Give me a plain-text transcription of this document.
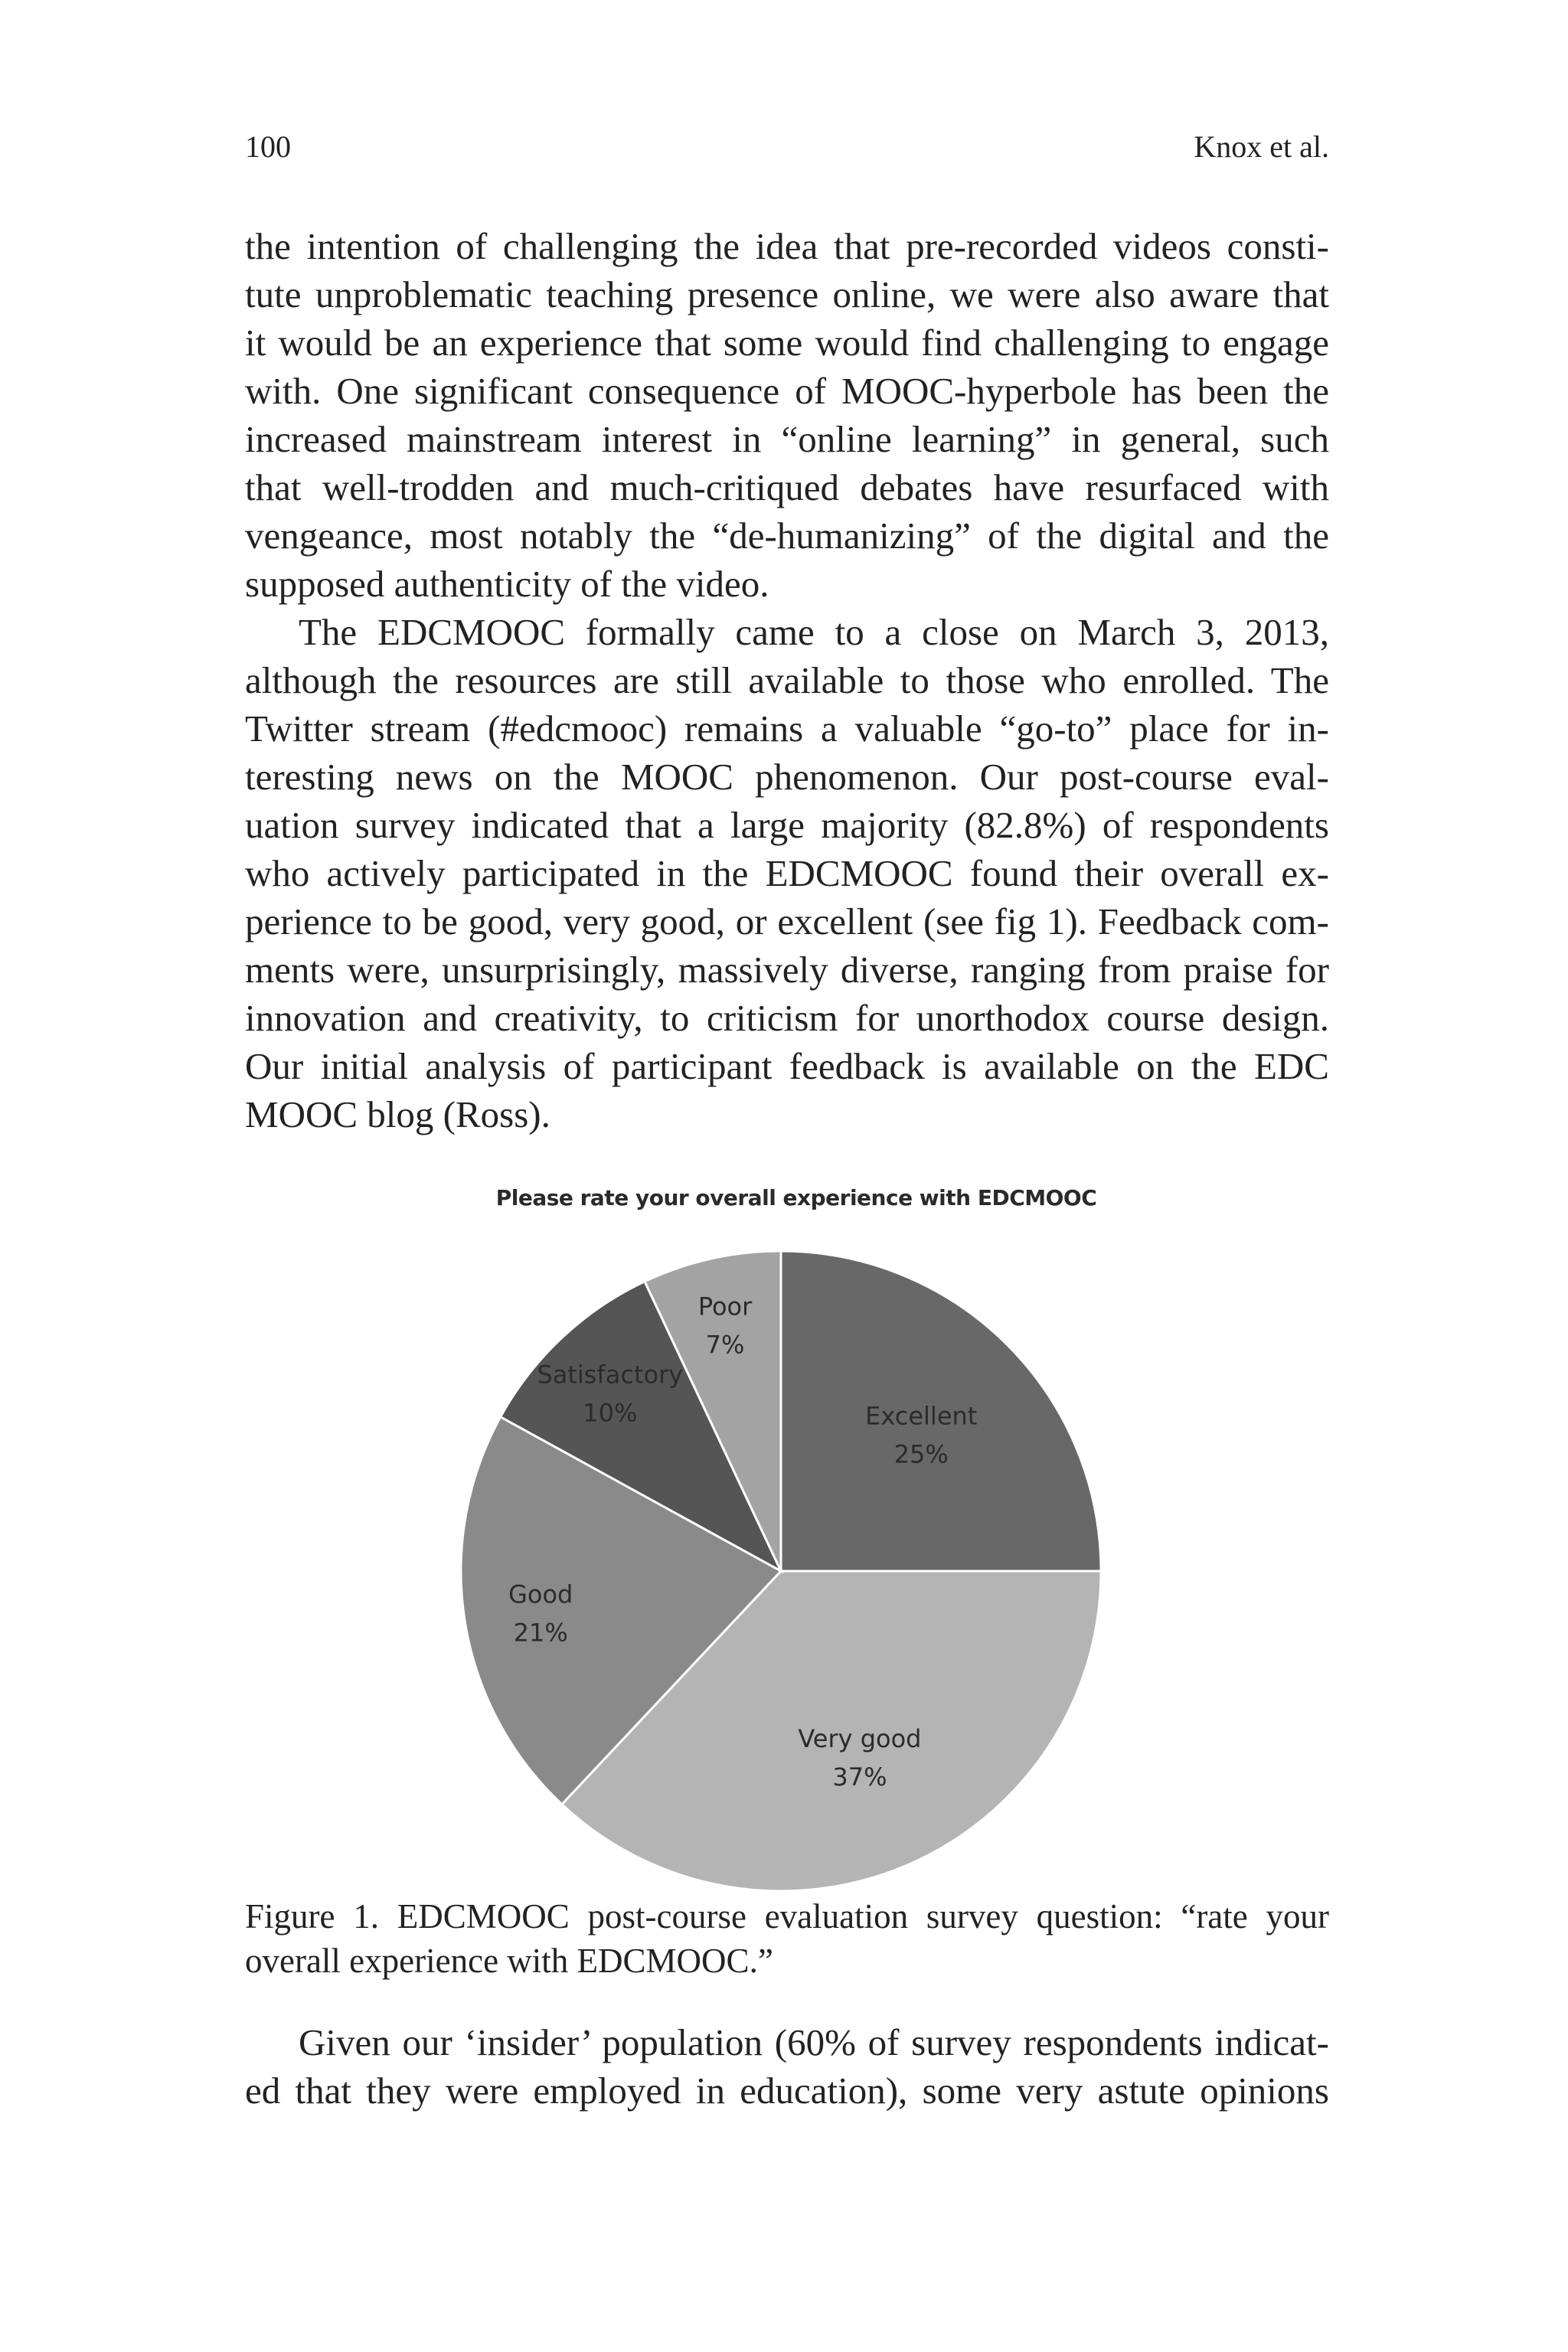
100	Knox et al.
the intention of challenging the idea that pre-recorded videos consti-
tute unproblematic teaching presence online, we were also aware that
it would be an experience that some would find challenging to engage
with. One significant consequence of MOOC-hyperbole has been the
increased mainstream interest in “online learning” in general, such
that well-trodden and much-critiqued debates have resurfaced with
vengeance, most notably the “de-humanizing” of the digital and the
supposed authenticity of the video.
The EDCMOOC formally came to a close on March 3, 2013,
although the resources are still available to those who enrolled. The
Twitter stream (#edcmooc) remains a valuable “go-to” place for in-
teresting news on the MOOC phenomenon. Our post-course eval-
uation survey indicated that a large majority (82.8%) of respondents
who actively participated in the EDCMOOC found their overall ex-
perience to be good, very good, or excellent (see fig 1). Feedback com-
ments were, unsurprisingly, massively diverse, ranging from praise for
innovation and creativity, to criticism for unorthodox course design.
Our initial analysis of participant feedback is available on the EDC
MOOC blog (Ross).
Please rate your overall experience with EDCMOOC
Excellent
25%
Very good
37%
Good
21%
Satisfactory
10%
Poor
7%
Figure 1. EDCMOOC post-course evaluation survey question: “rate your
overall experience with EDCMOOC.”
Given our ‘insider’ population (60% of survey respondents indicat-
ed that they were employed in education), some very astute opinions
